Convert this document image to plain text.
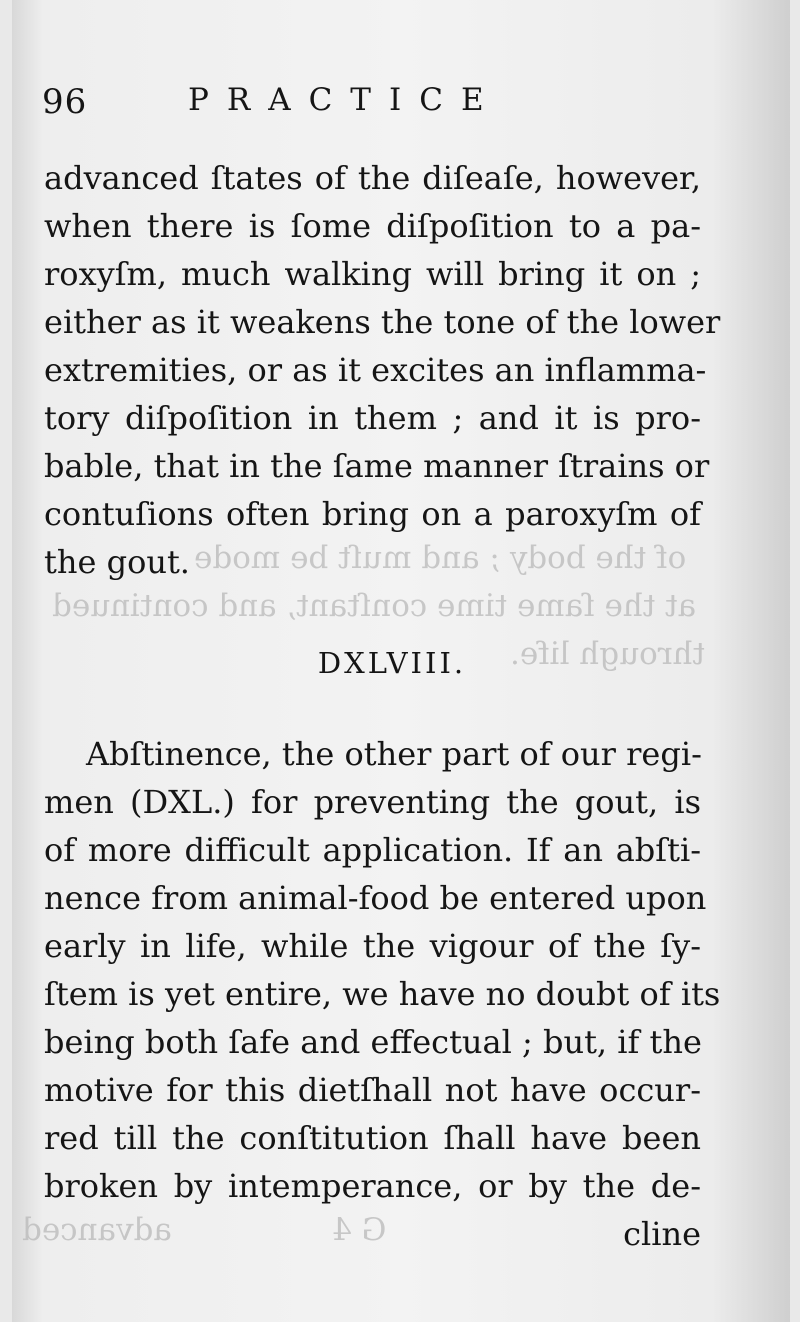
of the body ; and muſt be mode
at the ſame time conſtant, and continued
through life.
advanced	G 4
96	PRACTICE
advanced ſtates of the diſeaſe, however,
when there is ſome diſpoſition to a pa-
roxyſm, much walking will bring it on ;
either as it weakens the tone of the lower
extremities, or as it excites an inflamma-
tory diſpoſition in them ; and it is pro-
bable, that in the ſame manner ſtrains or
contuſions often bring on a paroxyſm of
the gout.
DXLVIII.
Abſtinence, the other part of our regi-
men (DXL.) for preventing the gout, is
of more difficult application. If an abſti-
nence from animal-food be entered upon
early in life, while the vigour of the ſy-
ſtem is yet entire, we have no doubt of its
being both ſafe and effectual ; but, if the
motive for this dietſhall not have occur-
red till the conſtitution ſhall have been
broken by intemperance, or by the de-
cline
